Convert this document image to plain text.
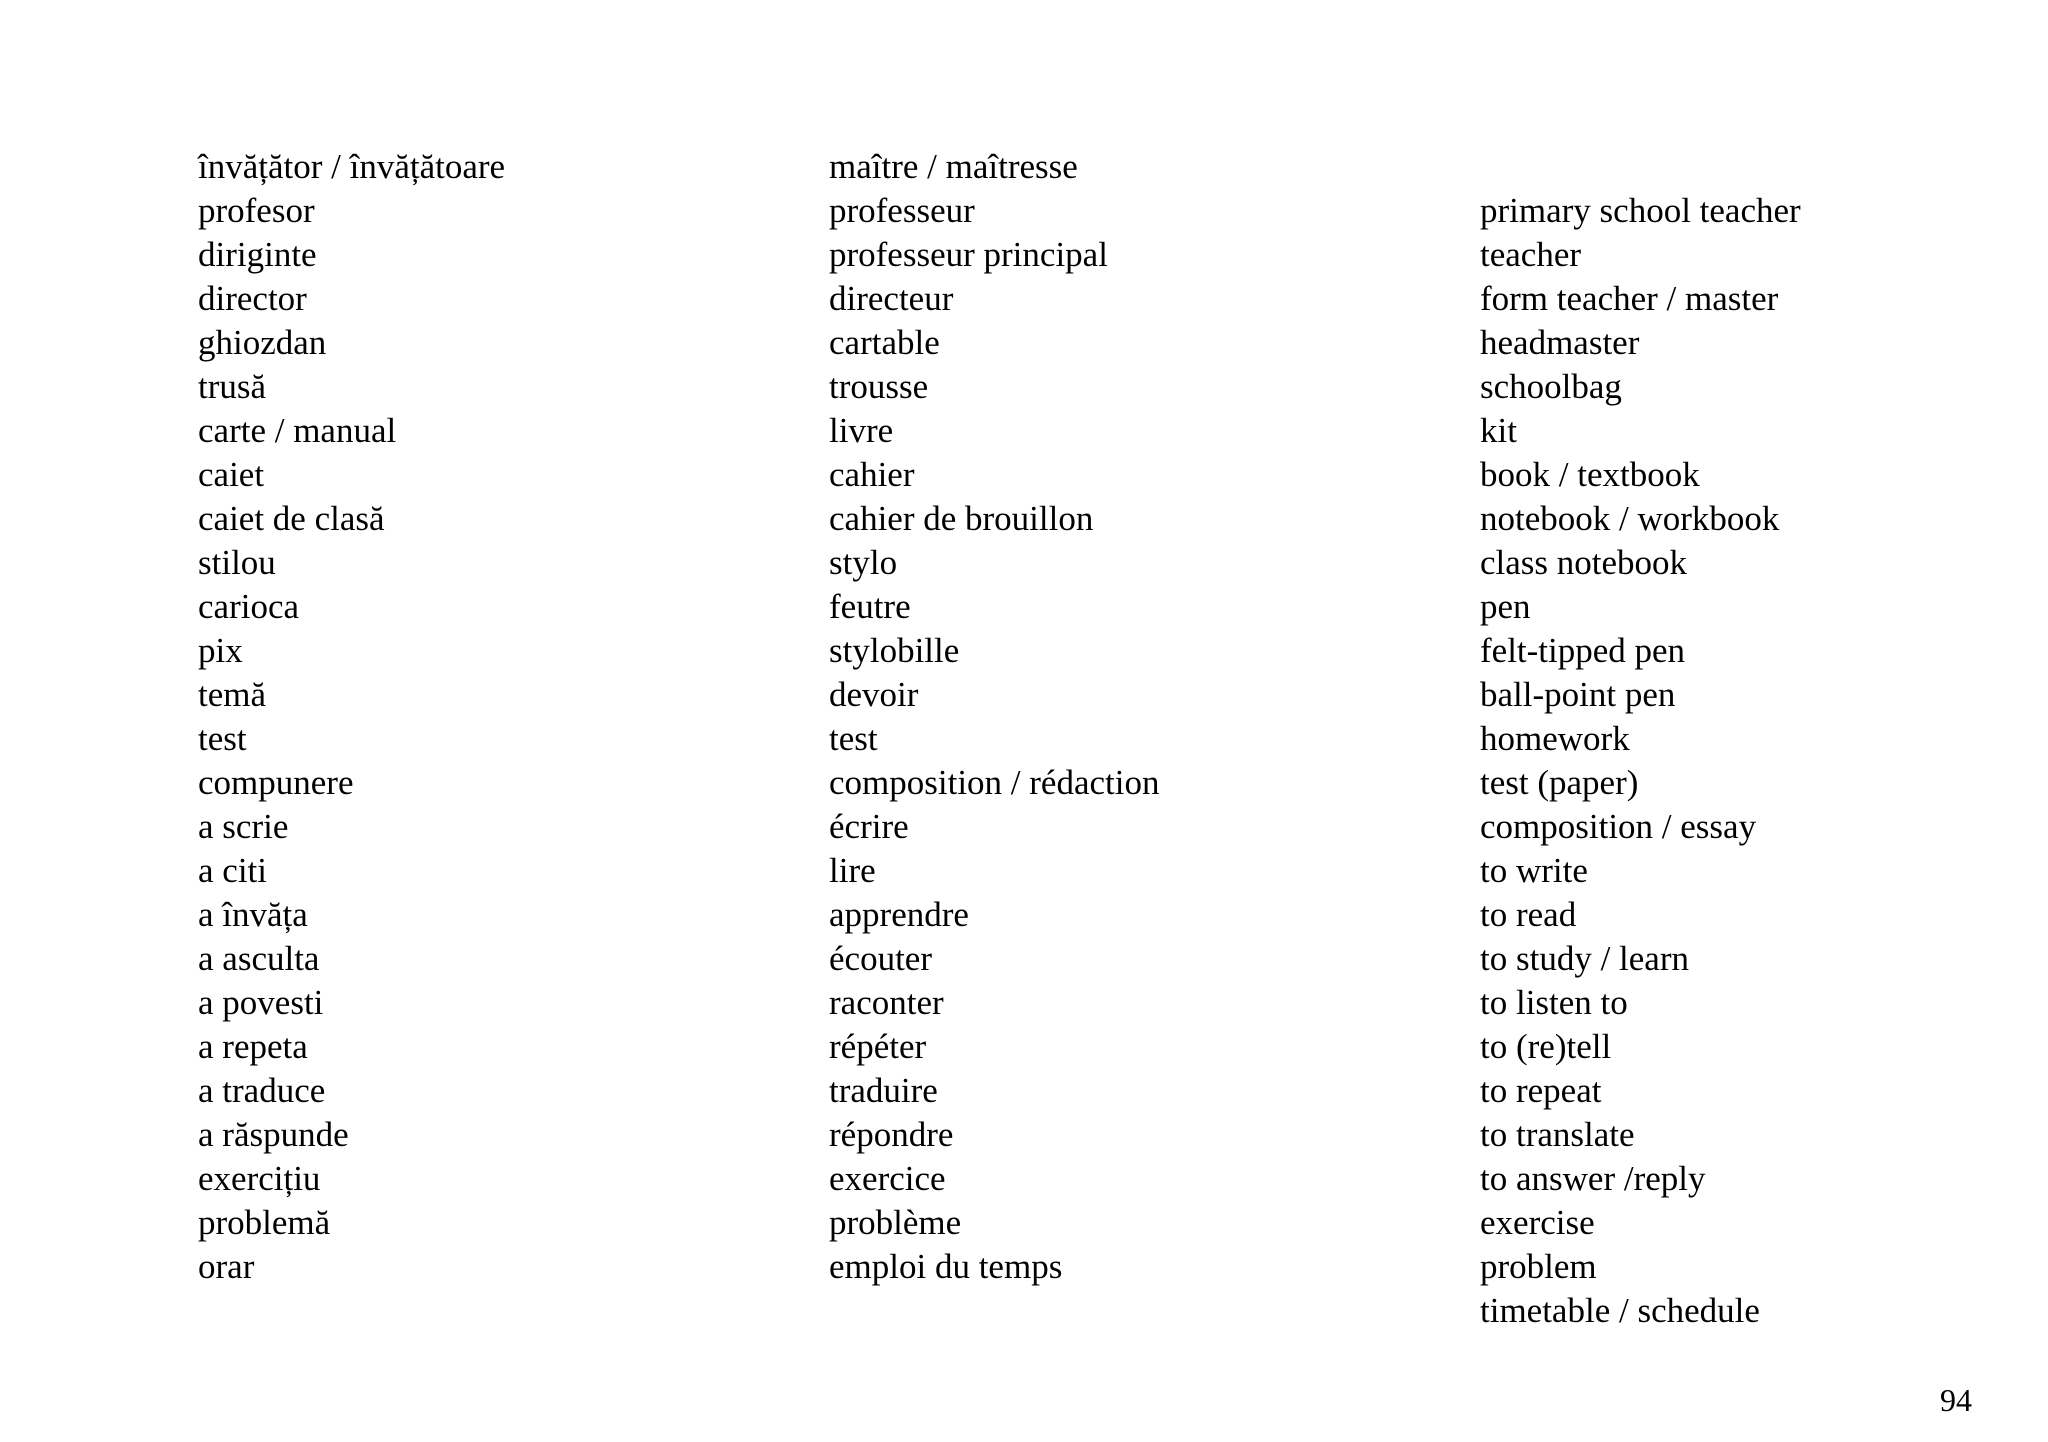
învățător / învățătoare
profesor
diriginte
director
ghiozdan
trusă
carte / manual
caiet
caiet de clasă
stilou
carioca
pix
temă
test
compunere
a scrie
a citi
a învăța
a asculta
a povesti
a repeta
a traduce
a răspunde
exercițiu
problemă
orar
maître / maîtresse
professeur
professeur principal
directeur
cartable
trousse
livre
cahier
cahier de brouillon
stylo
feutre
stylobille
devoir
test
composition / rédaction
écrire
lire
apprendre
écouter
raconter
répéter
traduire
répondre
exercice
problème
emploi du temps
primary school teacher
teacher
form teacher / master
headmaster
schoolbag
kit
book / textbook
notebook / workbook
class notebook
pen
felt-tipped pen
ball-point pen
homework
test (paper)
composition / essay
to write
to read
to study / learn
to listen to
to (re)tell
to repeat
to translate
to answer /reply
exercise
problem
timetable / schedule
94
